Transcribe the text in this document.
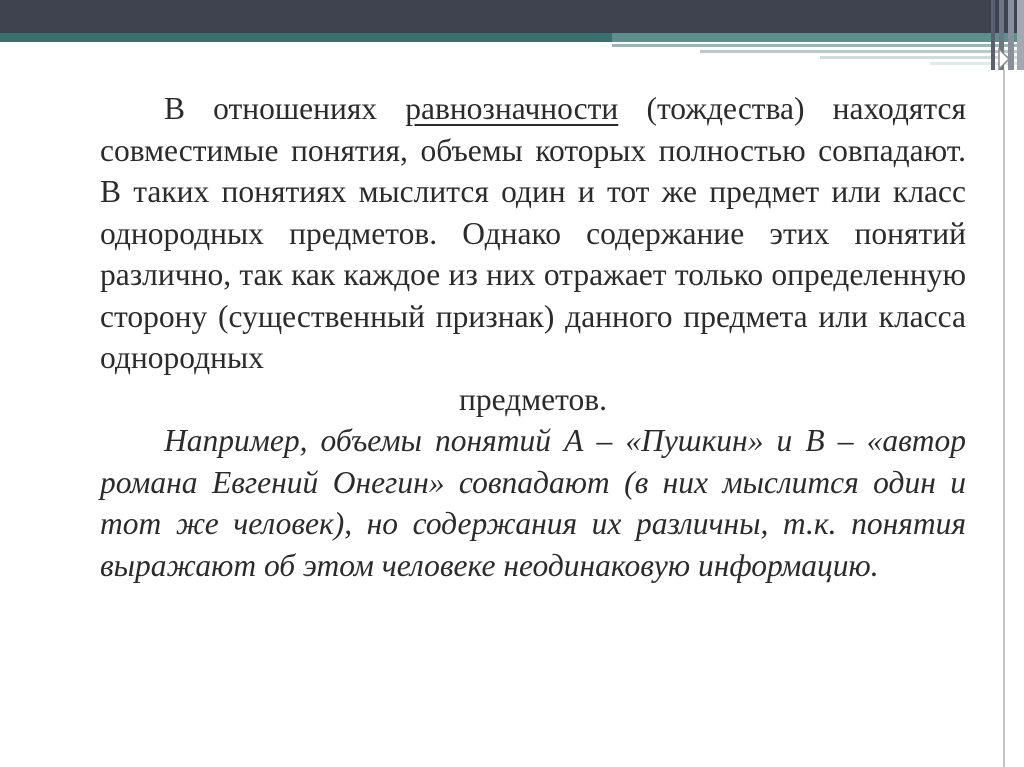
В отношениях равнозначности (тождества) находятся совместимые понятия, объемы которых полностью совпадают. В таких понятиях мыслится один и тот же предмет или класс однородных предметов. Однако содержание этих понятий различно, так как каждое из них отражает только определенную сторону (существенный признак) данного предмета или класса однородных

предметов.

Например, объемы понятий А – «Пушкин» и В – «автор романа Евгений Онегин» совпадают (в них мыслится один и тот же человек), но содержания их различны, т.к. понятия выражают об этом человеке неодинаковую информацию.
